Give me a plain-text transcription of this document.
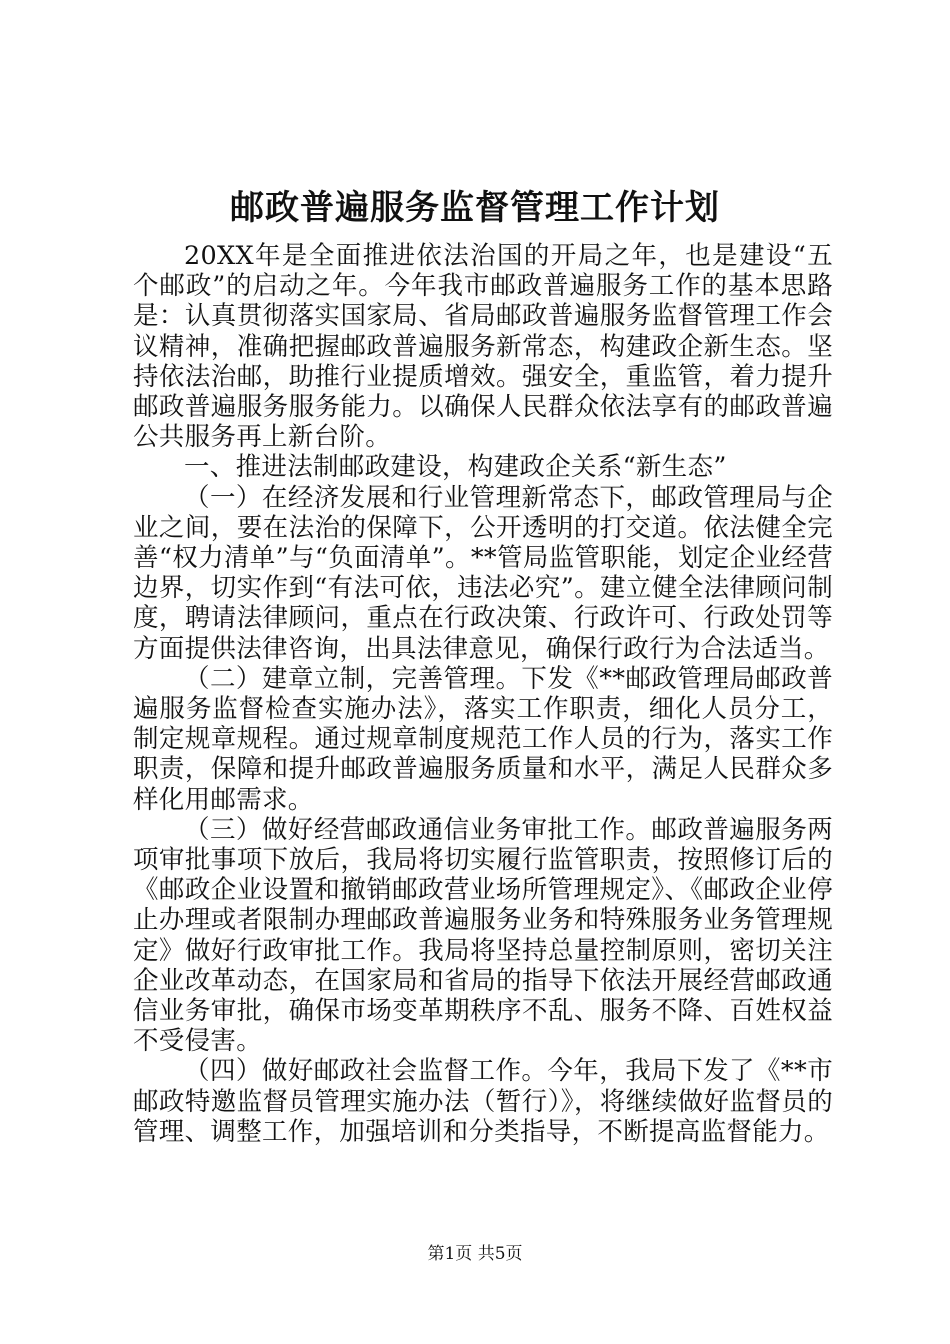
邮政普遍服务监督管理工作计划

20XX年是全面推进依法治国的开局之年，也是建设“五个邮政”的启动之年。今年我市邮政普遍服务工作的基本思路是：认真贯彻落实国家局、省局邮政普遍服务监督管理工作会议精神，准确把握邮政普遍服务新常态，构建政企新生态。坚持依法治邮，助推行业提质增效。强安全，重监管，着力提升邮政普遍服务服务能力。以确保人民群众依法享有的邮政普遍公共服务再上新台阶。

一、推进法制邮政建设，构建政企关系“新生态”

（一）在经济发展和行业管理新常态下，邮政管理局与企业之间，要在法治的保障下，公开透明的打交道。依法健全完善“权力清单”与“负面清单”。**管局监管职能，划定企业经营边界，切实作到“有法可依，违法必究”。建立健全法律顾问制度，聘请法律顾问，重点在行政决策、行政许可、行政处罚等方面提供法律咨询，出具法律意见，确保行政行为合法适当。

（二）建章立制，完善管理。下发《**邮政管理局邮政普遍服务监督检查实施办法》，落实工作职责，细化人员分工，制定规章规程。通过规章制度规范工作人员的行为，落实工作职责，保障和提升邮政普遍服务质量和水平，满足人民群众多样化用邮需求。

（三）做好经营邮政通信业务审批工作。邮政普遍服务两项审批事项下放后，我局将切实履行监管职责，按照修订后的《邮政企业设置和撤销邮政营业场所管理规定》、《邮政企业停止办理或者限制办理邮政普遍服务业务和特殊服务业务管理规定》做好行政审批工作。我局将坚持总量控制原则，密切关注企业改革动态，在国家局和省局的指导下依法开展经营邮政通信业务审批，确保市场变革期秩序不乱、服务不降、百姓权益不受侵害。

（四）做好邮政社会监督工作。今年，我局下发了《**市邮政特邀监督员管理实施办法（暂行）》，将继续做好监督员的管理、调整工作，加强培训和分类指导，不断提高监督能力。

第1页 共5页
